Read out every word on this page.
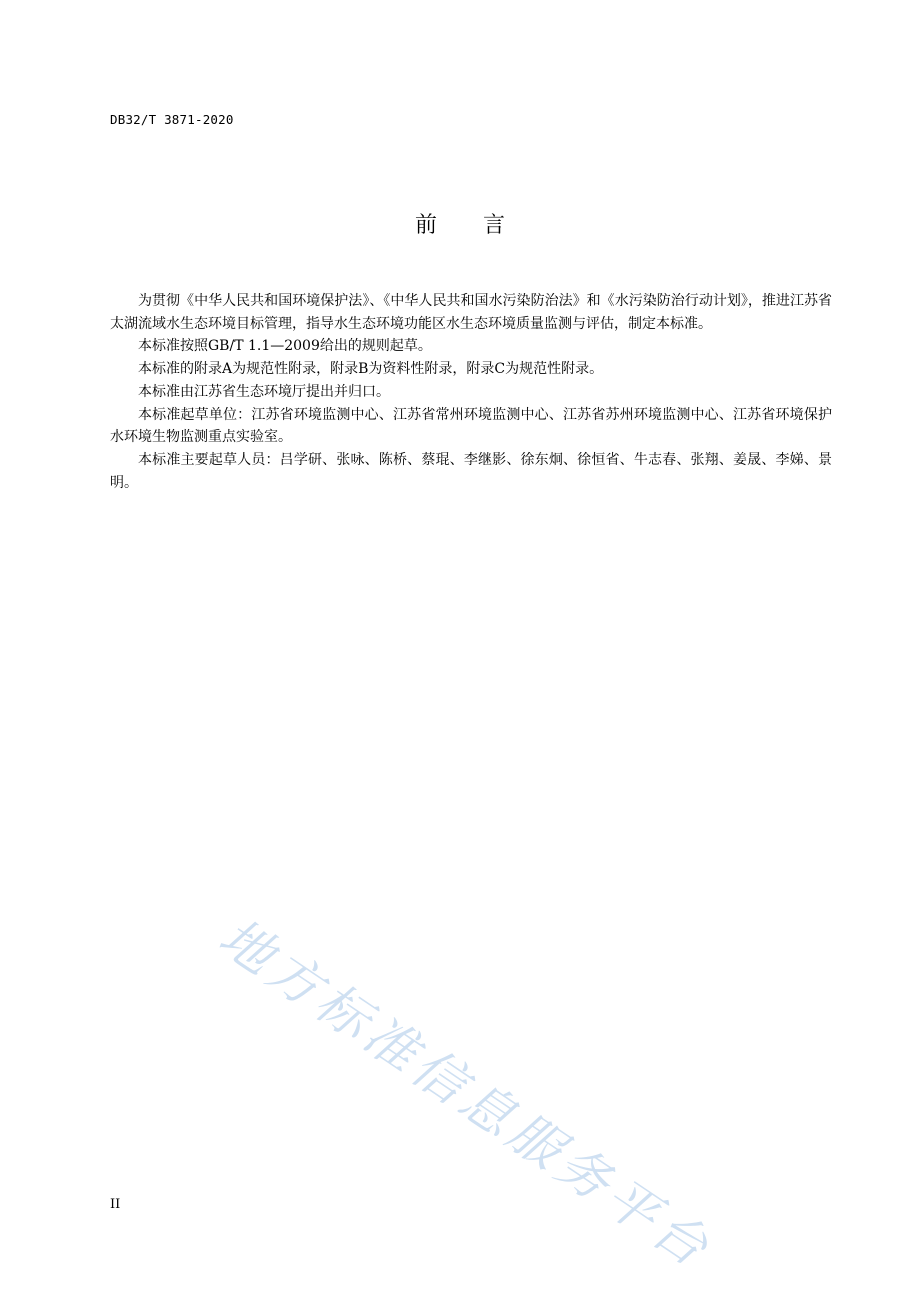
DB32/T 3871-2020
前言

为贯彻《中华人民共和国环境保护法》、《中华人民共和国水污染防治法》和《水污染防治行动计划》，推进江苏省太湖流域水生态环境目标管理，指导水生态环境功能区水生态环境质量监测与评估，制定本标准。

本标准按照GB/T 1.1—2009给出的规则起草。

本标准的附录A为规范性附录，附录B为资料性附录，附录C为规范性附录。

本标准由江苏省生态环境厅提出并归口。

本标准起草单位：江苏省环境监测中心、江苏省常州环境监测中心、江苏省苏州环境监测中心、江苏省环境保护水环境生物监测重点实验室。

本标准主要起草人员：吕学研、张咏、陈桥、蔡琨、李继影、徐东炯、徐恒省、牛志春、张翔、姜晟、李娣、景明。

地方标准信息服务平台
II
